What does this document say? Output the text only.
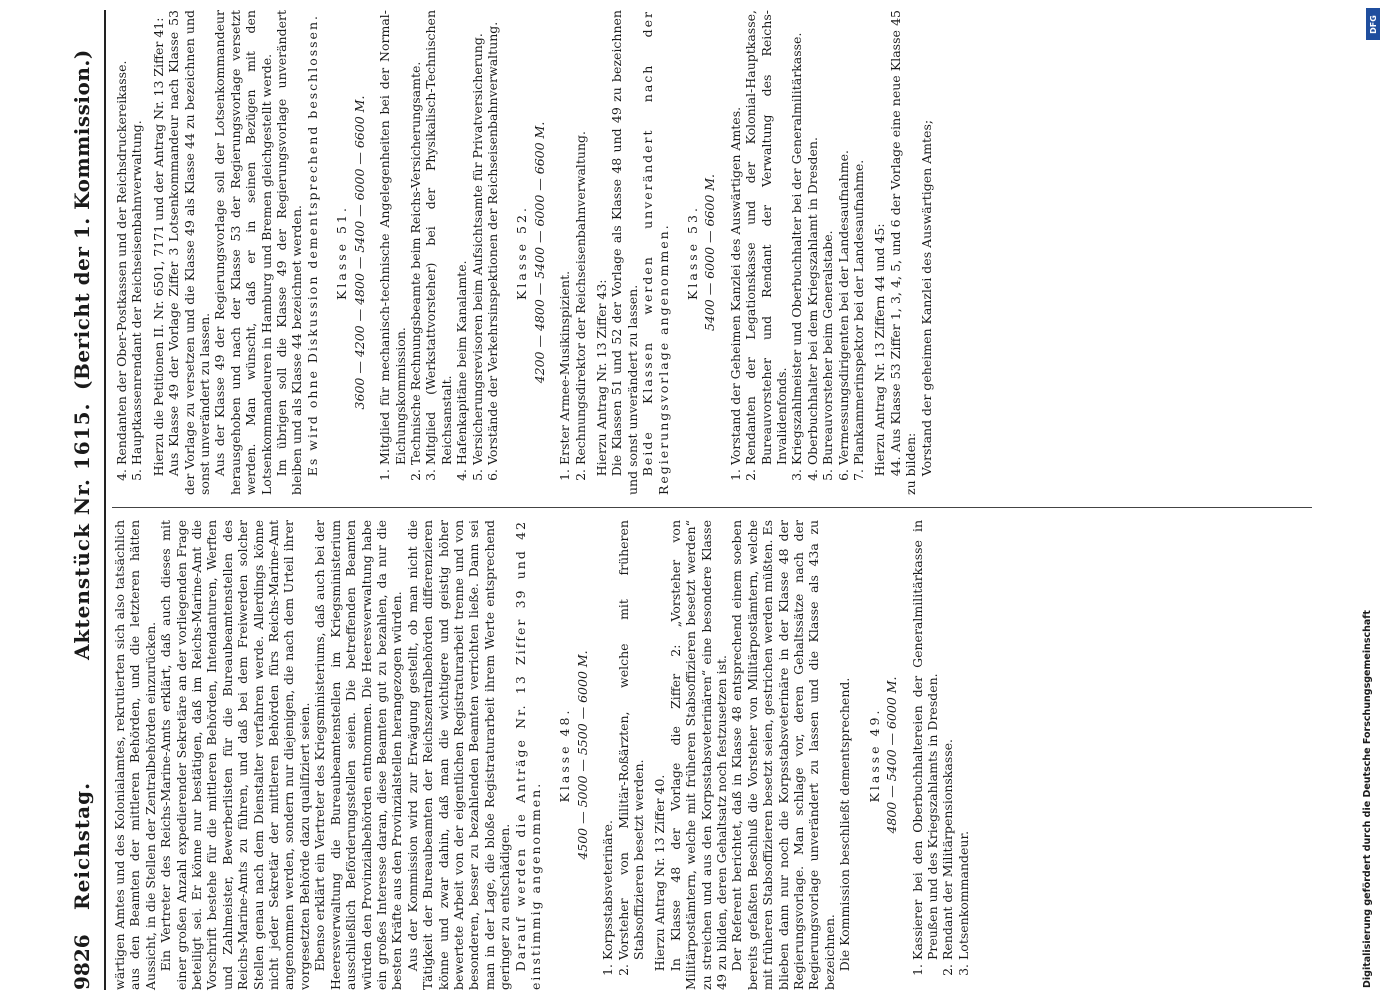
9826
Reichstag.
Aktenstück Nr. 1615.
(Bericht der 1. Kommission.)

wärtigen Amtes und des Kolonialamtes, rekrutierten sich also tatsächlich aus den Beamten der mittleren Behörden, und die letzteren hätten Aussicht, in die Stellen der Zentralbehörden einzurücken. Ein Vertreter des Reichs-Marine-Amts erklärt, daß auch dieses mit einer großen Anzahl expedierender Sekretäre an der vorliegenden Frage beteiligt sei. Er könne nur bestätigen, daß im Reichs-Marine-Amt die Vorschrift bestehe für die mittleren Behörden, Intendanturen, Werften und Zahlmeister, Bewerberlisten für die Bureaubeamtenstellen des Reichs-Marine-Amts zu führen, und daß bei dem Freiwerden solcher Stellen genau nach dem Dienstalter verfahren werde. Allerdings könne nicht jeder Sekretär der mittleren Behörden fürs Reichs-Marine-Amt angenommen werden, sondern nur diejenigen, die nach dem Urteil ihrer vorgesetzten Behörde dazu qualifiziert seien. Ebenso erklärt ein Vertreter des Kriegsministeriums, daß auch bei der Heeresverwaltung die Bureaubeamtenstellen im Kriegsministerium ausschließlich Beförderungsstellen seien. Die betreffenden Beamten würden den Provinzialbehörden entnommen. Die Heeresverwaltung habe ein großes Interesse daran, diese Beamten gut zu bezahlen, da nur die besten Kräfte aus den Provinzialstellen herangezogen würden. Aus der Kommission wird zur Erwägung gestellt, ob man nicht die Tätigkeit der Bureaubeamten der Reichszentralbehörden differenzieren könne und zwar dahin, daß man die wichtigere und geistig höher bewertete Arbeit von der eigentlichen Registraturarbeit trenne und von besonderen, besser zu bezahlenden Beamten verrichten ließe. Dann sei man in der Lage, die bloße Registraturarbeit ihrem Werte entsprechend geringer zu entschädigen. Darauf werden die Anträge Nr. 13 Ziffer 39 und 42 einstimmig angenommen.

Klasse 48. 4500 — 5000 — 5500 — 6000 M.
1. Korpsstabsveterinäre. 2. Vorsteher von Militär-Roßärzten, welche mit früheren Stabsoffizieren besetzt werden. Hierzu Antrag Nr. 13 Ziffer 40. In Klasse 48 der Vorlage die Ziffer 2: „Vorsteher von Militärpostämtern, welche mit früheren Stabsoffizieren besetzt werden“ zu streichen und aus den Korpsstabsveterinären“ eine besondere Klasse 49 zu bilden, deren Gehaltsatz noch festzusetzen ist. Der Referent berichtet, daß in Klasse 48 entsprechend einem soeben bereits gefaßten Beschluß die Vorsteher von Militärpostämtern, welche mit früheren Stabsoffizieren besetzt seien, gestrichen werden müßten. Es blieben dann nur noch die Korpsstabsveterinäre in der Klasse 48 der Regierungsvorlage. Man schlage vor, deren Gehaltssätze nach der Regierungsvorlage unverändert zu lassen und die Klasse als 43a zu bezeichnen. Die Kommission beschließt dementsprechend. Klasse 49. 4800 — 5400 — 6000 M. 1. Kassierer bei den Oberbuchhaltereien der Generalmilitärkasse in Preußen und des Kriegszahlamts in Dresden. 2. Rendant der Militärpensionskasse. 3. Lotsenkommandeur.
4. Rendanten der Ober-Postkassen und der Reichsdruckereikasse. 5. Hauptkassenrendant der Reichseisenbahnverwaltung. Hierzu die Petitionen II. Nr. 6501, 7171 und der Antrag Nr. 13 Ziffer 41: Aus Klasse 49 der Vorlage Ziffer 3 Lotsenkommandeur nach Klasse 53 der Vorlage zu versetzen und die Klasse 49 als Klasse 44 zu bezeichnen und sonst unverändert zu lassen. Aus der Klasse 49 der Regierungsvorlage soll der Lotsenkommandeur herausgehoben und nach der Klasse 53 der Regierungsvorlage versetzt werden. Man wünscht, daß er in seinen Bezügen mit den Lotsenkommandeuren in Hamburg und Bremen gleichgestellt werde. Im übrigen soll die Klasse 49 der Regierungsvorlage unverändert bleiben und als Klasse 44 bezeichnet werden. Es wird ohne Diskussion dementsprechend beschlossen. Klasse 51. 3600 — 4200 — 4800 — 5400 — 6000 — 6600 M. 1. Mitglied für mechanisch-technische Angelegenheiten bei der Normal-Eichungskommission. 2. Technische Rechnungsbeamte beim Reichs-Versicherungsamte. 3. Mitglied (Werkstattvorsteher) bei der Physikalisch-Technischen Reichsanstalt. 4. Hafenkapitäne beim Kanalamte. 5. Versicherungsrevisoren beim Aufsichtsamte für Privatversicherung. 6. Vorstände der Verkehrsinspektionen der Reichseisenbahnverwaltung. Klasse 52. 4200 — 4800 — 5400 — 6000 — 6600 M. 1. Erster Armee-Musikinspizient. 2. Rechnungsdirektor der Reichseisenbahnverwaltung. Hierzu Antrag Nr. 13 Ziffer 43: Die Klassen 51 und 52 der Vorlage als Klasse 48 und 49 zu bezeichnen und sonst unverändert zu lassen. Beide Klassen werden unverändert nach der Regierungsvorlage angenommen. Klasse 53. 5400 — 6000 — 6600 M. 1. Vorstand der Geheimen Kanzlei des Auswärtigen Amtes. 2. Rendanten der Legationskasse und der Kolonial-Hauptkasse, Bureauvorsteher und Rendant der Verwaltung des Reichs-Invalidenfonds. 3. Kriegszahlmeister und Oberbuchhalter bei der Generalmilitärkasse. 4. Oberbuchhalter bei dem Kriegszahlamt in Dresden. 5. Bureauvorsteher beim Generalstabe. 6. Vermessungsdirigenten bei der Landesaufnahme. 7. Plankammerinspektor bei der Landesaufnahme. Hierzu Antrag Nr. 13 Ziffern 44 und 45: 44. Aus Klasse 53 Ziffer 1, 3, 4, 5, und 6 der Vorlage eine neue Klasse 45 zu bilden: Vorstand der geheimen Kanzlei des Auswärtigen Amtes;

Digitalisierung gefördert durch die Deutsche Forschungsgemeinschaft
DFG
